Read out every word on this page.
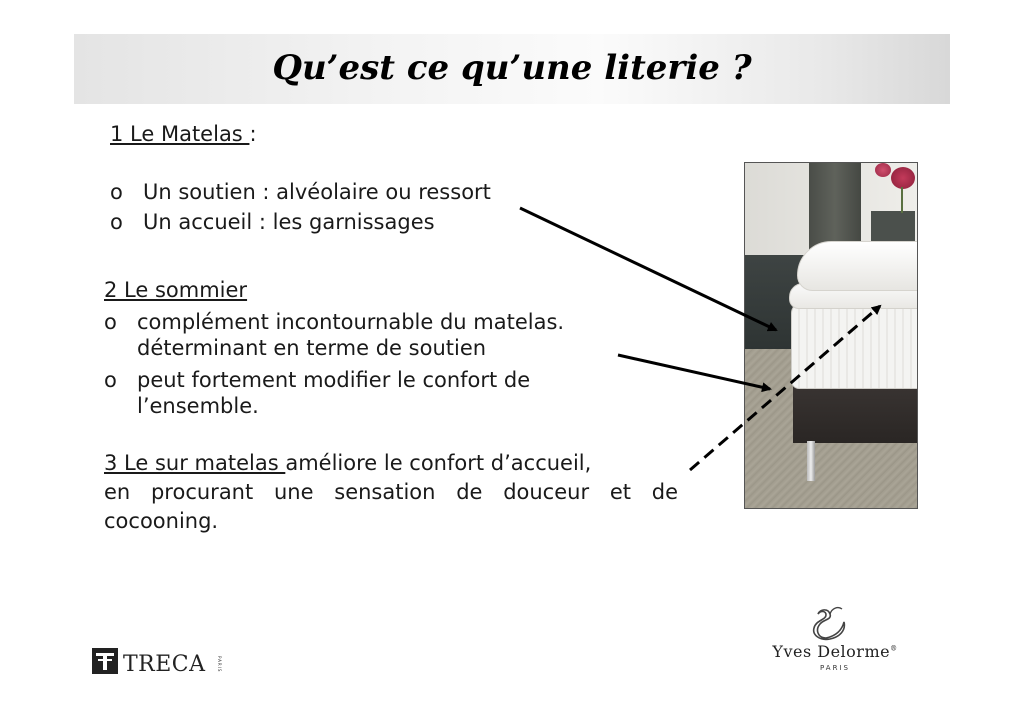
Qu’est ce qu’une literie ?
1 Le Matelas :
o Un soutien : alvéolaire ou ressort
o Un accueil : les garnissages
2 Le sommier
o complément incontournable du matelas.
déterminant en terme de soutien
o peut fortement modifier le confort de
l’ensemble.
3 Le sur matelas améliore le confort d’accueil,

en procurant une sensation de douceur et de
cocooning.
TRECA	PARIS
Yves Delorme®
PARIS
